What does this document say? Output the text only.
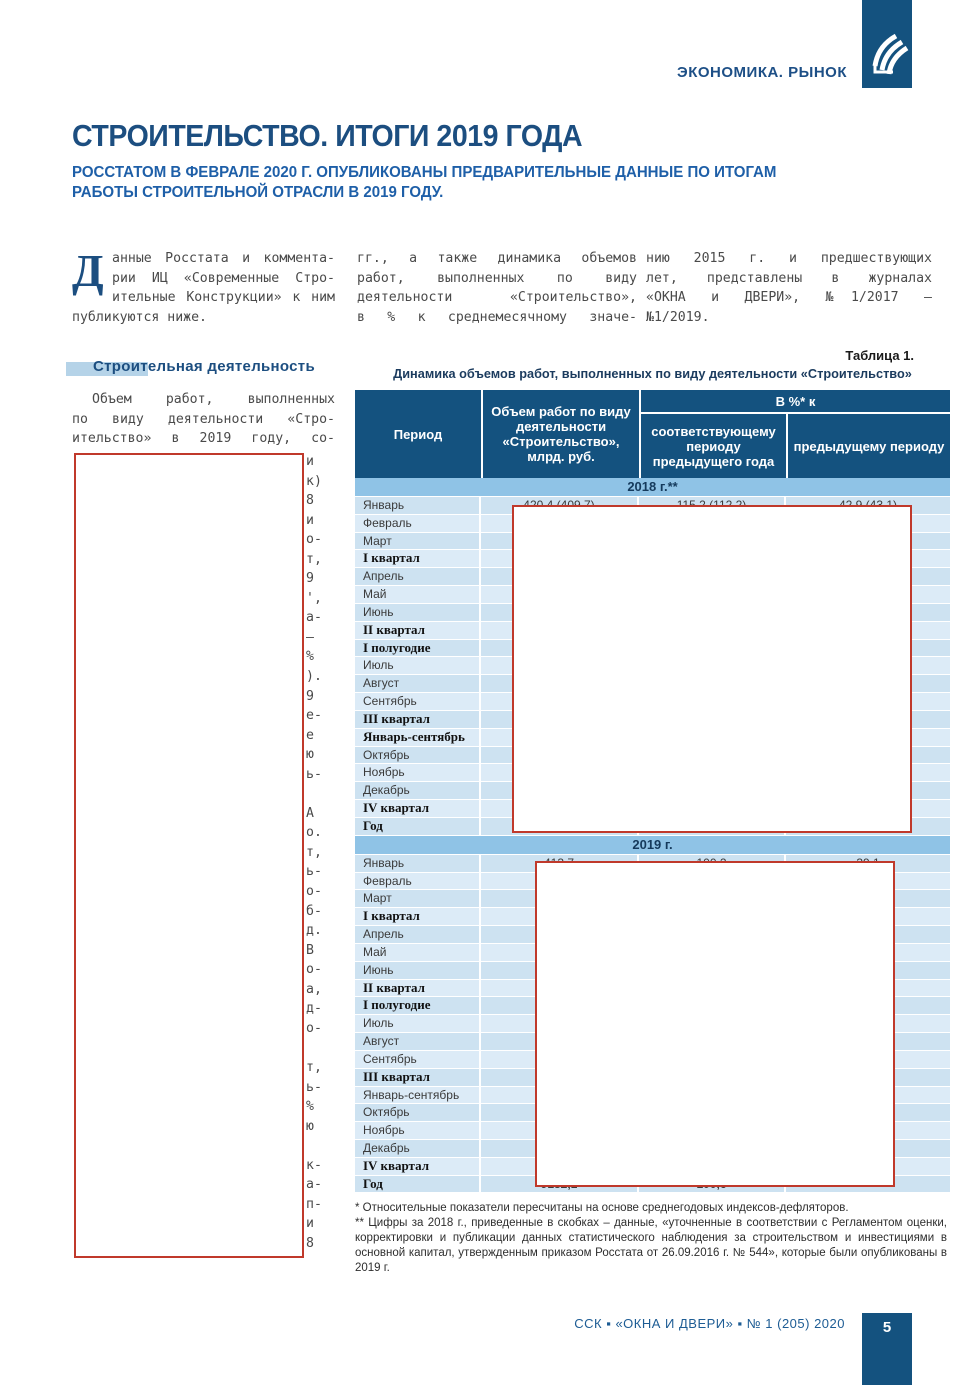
ЭКОНОМИКА. РЫНОК
СТРОИТЕЛЬСТВО. ИТОГИ 2019 ГОДА
РОССТАТОМ В ФЕВРАЛЕ 2020 Г. ОПУБЛИКОВАНЫ ПРЕДВАРИТЕЛЬНЫЕ ДАННЫЕ ПО ИТОГАМ
РАБОТЫ СТРОИТЕЛЬНОЙ ОТРАСЛИ В 2019 ГОДУ.
Д анные Росстата и коммента-
рии ИЦ «Современные Стро-
ительные Конструкции» к ним
публикуются ниже.
гг., а также динамика объемов
работ, выполненных по виду
деятельности «Строительство»,
в % к среднемесячному значе-
нию 2015 г. и предшествующих
лет, представлены в журналах
«ОКНА и ДВЕРИ», №1/2017 –
№1/2019.
Строительная деятельность
Объем работ, выполненных
по виду деятельности «Стро-
ительство» в 2019 году, со-
и
к)
8
и
о-
т,
9
',
а-
—
%
).
9
е-
е
ю
ь-
А
о.
т,
ь-
о-
б-
д.
В
о-
а,
д-
о-
т,
ь-
%
ю
к-
а-
п-
и
8
Таблица 1.
Динамика объемов работ, выполненных по виду деятельности «Строительство»
Период
Объем работ по виду деятельности «Строительство», млрд. руб.
В %* к
соответствующему периоду предыдущего года
предыдущему периоду
2018 г.**
Январь
Февраль
Март
I квартал
Апрель
Май
Июнь
II квартал
I полугодие
Июль
Август
Сентябрь
III квартал
Январь-сентябрь
Октябрь
Ноябрь
Декабрь
IV квартал
Год
2019 г.
Январь
Февраль
Март
I квартал
Апрель
Май
Июнь
II квартал
I полугодие
Июль
Август
Сентябрь
III квартал
Январь-сентябрь
Октябрь
Ноябрь
Декабрь
IV квартал
Год

* Относительные показатели пересчитаны на основе среднегодовых индексов-дефляторов.

** Цифры за 2018 г., приведенные в скобках – данные, «уточненные в соответствии с Регламентом оценки, корректировки и публикации данных статистического наблюдения за строительством и инвестициями в основной капитал, утвержденным приказом Росстата от 26.09.2016 г. № 544», которые были опубликованы в 2019 г.

ССК ▪ «ОКНА И ДВЕРИ» ▪ № 1 (205) 2020	5
